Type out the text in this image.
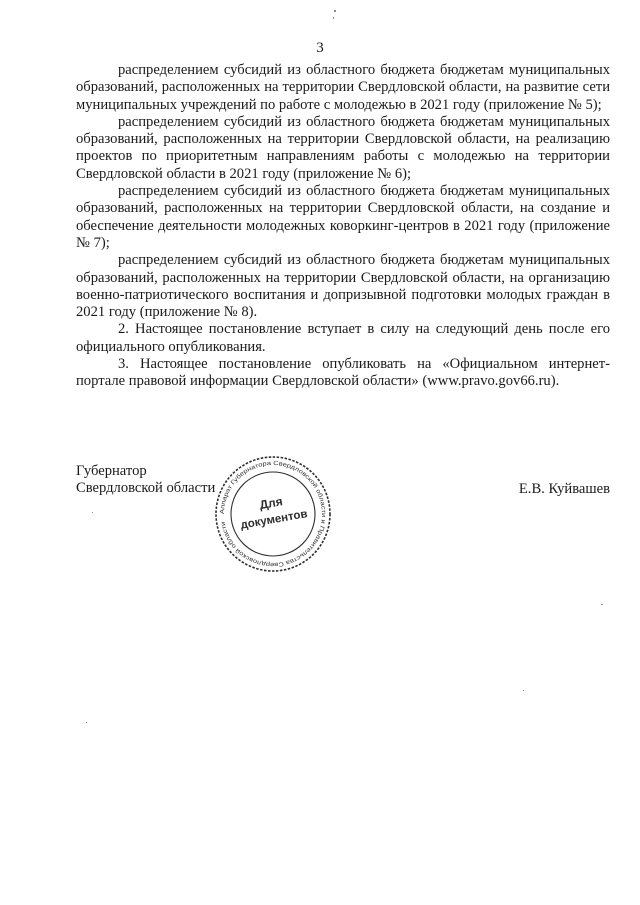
3

распределением субсидий из областного бюджета бюджетам муниципальных образований, расположенных на территории Свердловской области, на развитие сети муниципальных учреждений по работе с молодежью в 2021 году (приложение № 5);

распределением субсидий из областного бюджета бюджетам муниципальных образований, расположенных на территории Свердловской области, на реализацию проектов по приоритетным направлениям работы с молодежью на территории Свердловской области в 2021 году (приложение № 6);

распределением субсидий из областного бюджета бюджетам муниципальных образований, расположенных на территории Свердловской области, на создание и обеспечение деятельности молодежных коворкинг-центров в 2021 году (приложение № 7);

распределением субсидий из областного бюджета бюджетам муниципальных образований, расположенных на территории Свердловской области, на организацию военно-патриотического воспитания и допризывной подготовки молодых граждан в 2021 году (приложение № 8).

2. Настоящее постановление вступает в силу на следующий день после его официального опубликования.

3. Настоящее постановление опубликовать на «Официальном интернет-портале правовой информации Свердловской области» (www.pravo.gov66.ru).

Губернатор
Свердловской области	Е.В. Куйвашев
Аппарат Губернатора Свердловской области и Правительства Свердловской области
Для
документов
